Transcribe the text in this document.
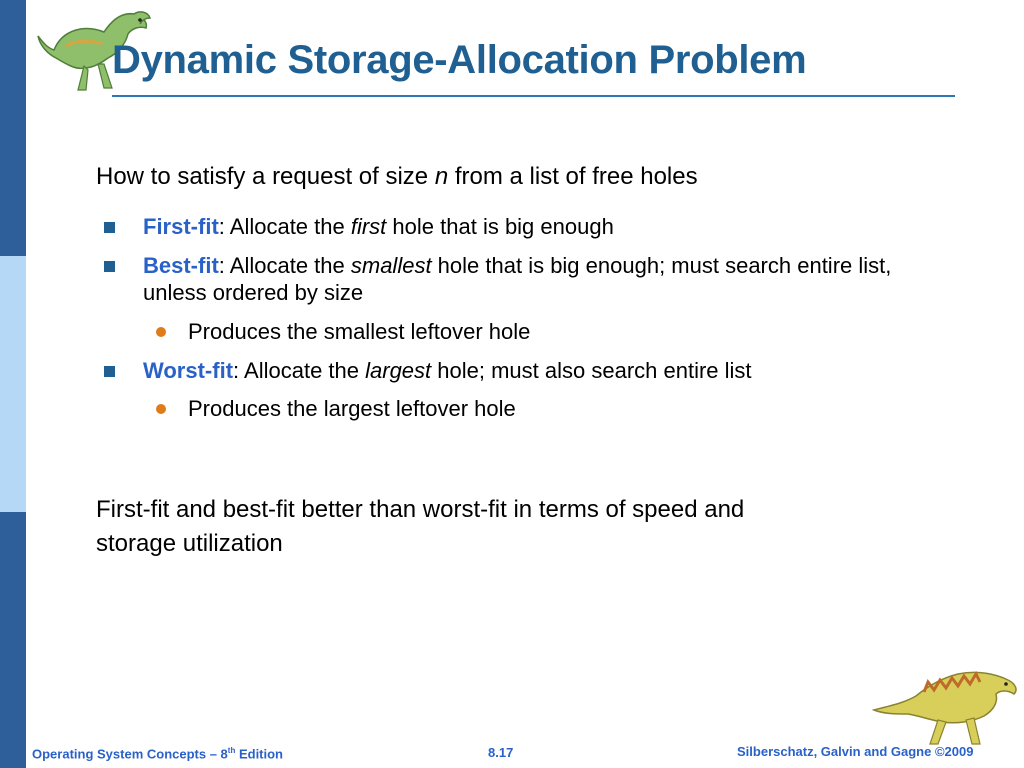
Dynamic Storage-Allocation Problem

How to satisfy a request of size n from a list of free holes

First-fit: Allocate the first hole that is big enough
Best-fit: Allocate the smallest hole that is big enough; must search entire list, unless ordered by size
Produces the smallest leftover hole
Worst-fit: Allocate the largest hole; must also search entire list
Produces the largest leftover hole

First-fit and best-fit better than worst-fit in terms of speed and storage utilization

Operating System Concepts – 8th Edition	8.17	Silberschatz, Galvin and Gagne ©2009
